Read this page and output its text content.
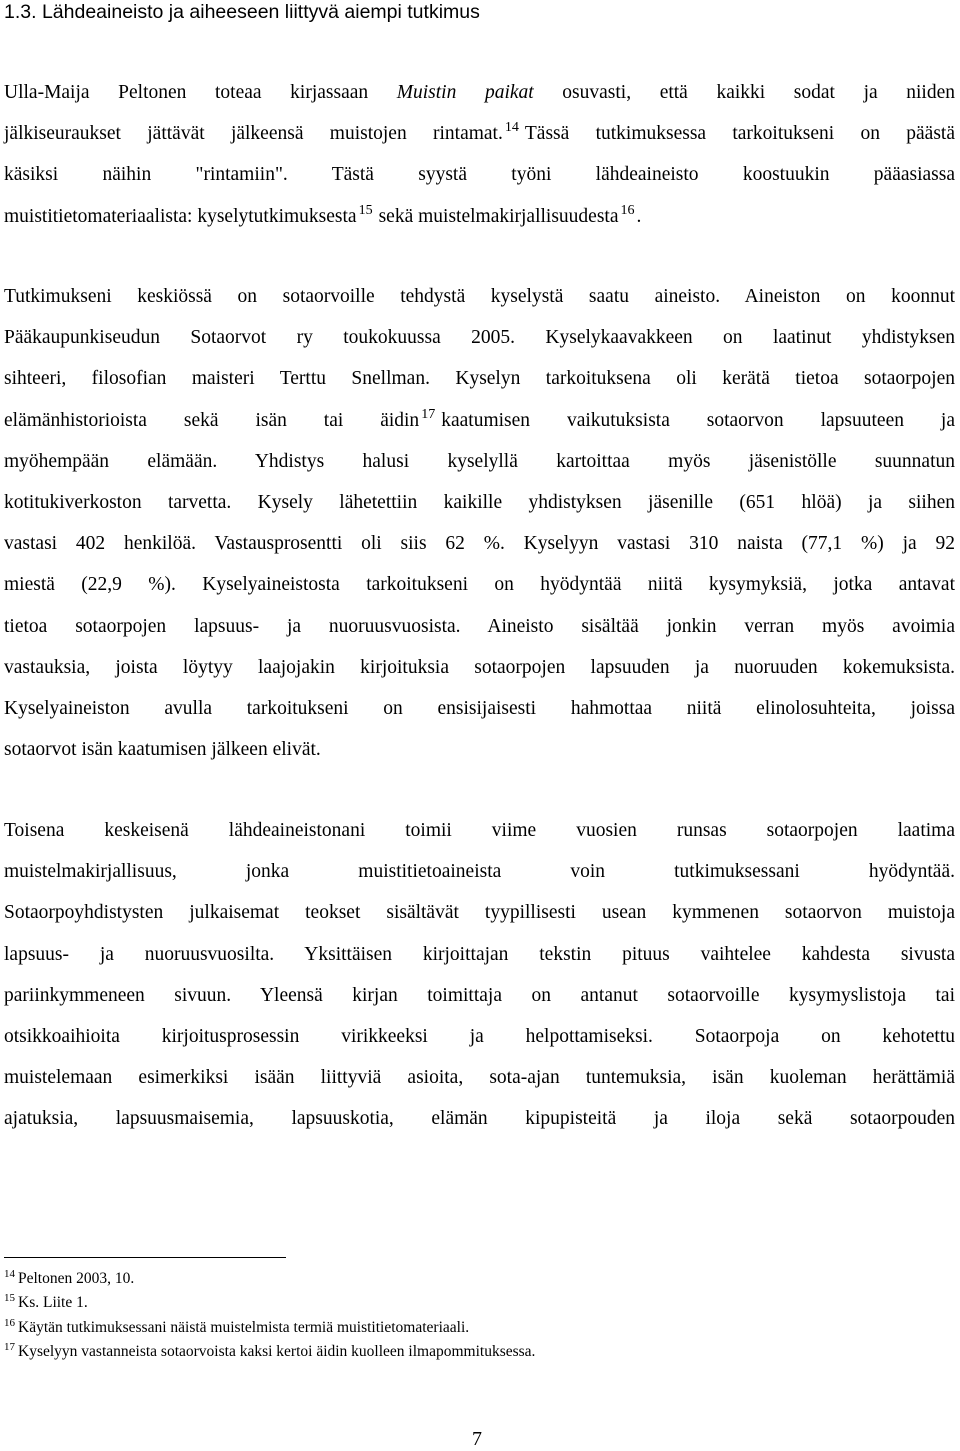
1.3. Lähdeaineisto ja aiheeseen liittyvä aiempi tutkimus
Ulla-Maija Peltonen toteaa kirjassaan Muistin paikat osuvasti, että kaikki sodat ja niiden
jälkiseuraukset jättävät jälkeensä muistojen rintamat. 14 Tässä tutkimuksessa tarkoitukseni on päästä
käsiksi näihin "rintamiin". Tästä syystä työni lähdeaineisto koostuukin pääasiassa
muistitietomateriaalista: kyselytutkimuksesta 15 sekä muistelmakirjallisuudesta 16 .
Tutkimukseni keskiössä on sotaorvoille tehdystä kyselystä saatu aineisto. Aineiston on koonnut
Pääkaupunkiseudun Sotaorvot ry toukokuussa 2005. Kyselykaavakkeen on laatinut yhdistyksen
sihteeri, filosofian maisteri Terttu Snellman. Kyselyn tarkoituksena oli kerätä tietoa sotaorpojen
elämänhistorioista sekä isän tai äidin 17 kaatumisen vaikutuksista sotaorvon lapsuuteen ja
myöhempään elämään. Yhdistys halusi kyselyllä kartoittaa myös jäsenistölle suunnatun
kotitukiverkoston tarvetta. Kysely lähetettiin kaikille yhdistyksen jäsenille (651 hlöä) ja siihen
vastasi 402 henkilöä. Vastausprosentti oli siis 62 %. Kyselyyn vastasi 310 naista (77,1 %) ja 92
miestä (22,9 %). Kyselyaineistosta tarkoitukseni on hyödyntää niitä kysymyksiä, jotka antavat
tietoa sotaorpojen lapsuus- ja nuoruusvuosista. Aineisto sisältää jonkin verran myös avoimia
vastauksia, joista löytyy laajojakin kirjoituksia sotaorpojen lapsuuden ja nuoruuden kokemuksista.
Kyselyaineiston avulla tarkoitukseni on ensisijaisesti hahmottaa niitä elinolosuhteita, joissa
sotaorvot isän kaatumisen jälkeen elivät.
Toisena keskeisenä lähdeaineistonani toimii viime vuosien runsas sotaorpojen laatima
muistelmakirjallisuus, jonka muistitietoaineista voin tutkimuksessani hyödyntää.
Sotaorpoyhdistysten julkaisemat teokset sisältävät tyypillisesti usean kymmenen sotaorvon muistoja
lapsuus- ja nuoruusvuosilta. Yksittäisen kirjoittajan tekstin pituus vaihtelee kahdesta sivusta
pariinkymmeneen sivuun. Yleensä kirjan toimittaja on antanut sotaorvoille kysymyslistoja tai
otsikkoaihioita kirjoitusprosessin virikkeeksi ja helpottamiseksi. Sotaorpoja on kehotettu
muistelemaan esimerkiksi isään liittyviä asioita, sota-ajan tuntemuksia, isän kuoleman herättämiä
ajatuksia, lapsuusmaisemia, lapsuuskotia, elämän kipupisteitä ja iloja sekä sotaorpouden
$^{14}$ Peltonen 2003, 10.
$^{15}$ Ks. Liite 1.
$^{16}$ Käytän tutkimuksessani näistä muistelmista termiä muistitietomateriaali.
$^{17}$ Kyselyyn vastanneista sotaorvoista kaksi kertoi äidin kuolleen ilmapommituksessa.
7
